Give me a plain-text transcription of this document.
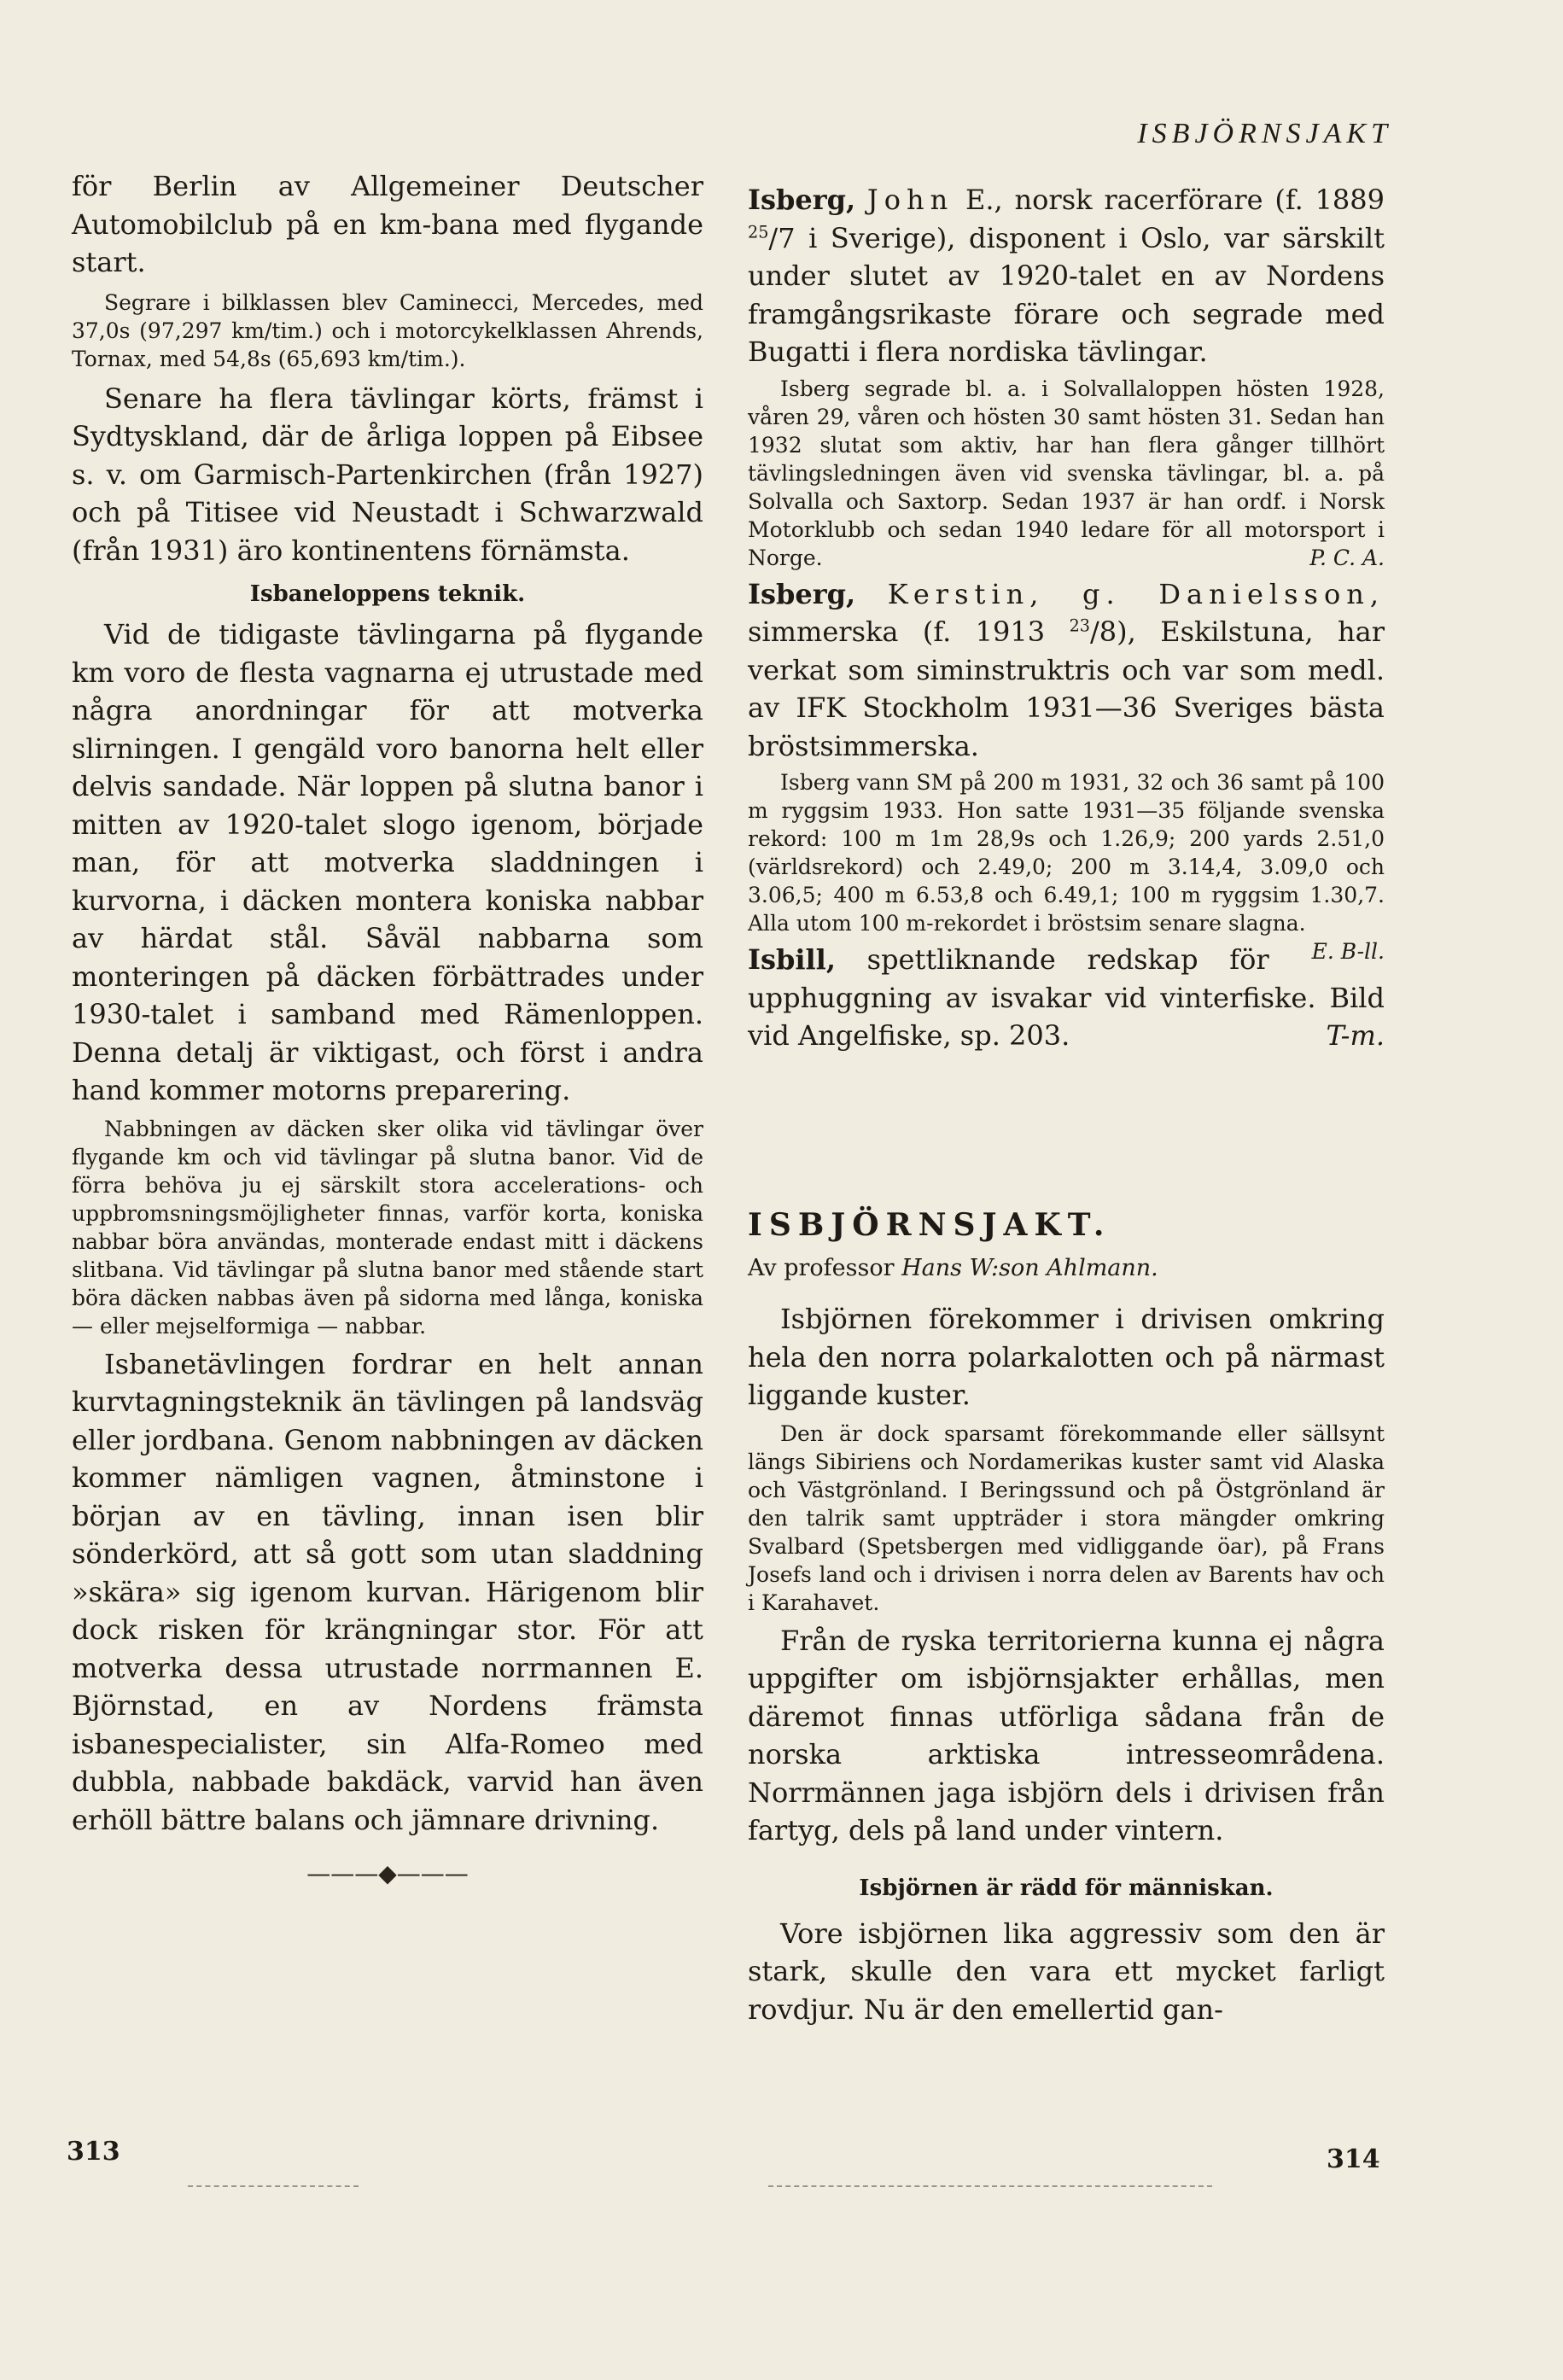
ISBJÖRNSJAKT

för Berlin av Allgemeiner Deutscher Automobilclub på en km-bana med flygande start.

Segrare i bilklassen blev Caminecci, Mercedes, med 37,0s (97,297 km/tim.) och i motorcykelklassen Ahrends, Tornax, med 54,8s (65,693 km/tim.).

Senare ha flera tävlingar körts, främst i Sydtyskland, där de årliga loppen på Eibsee s. v. om Garmisch-Partenkirchen (från 1927) och på Titisee vid Neustadt i Schwarzwald (från 1931) äro kontinentens förnämsta.

Isbaneloppens teknik.

Vid de tidigaste tävlingarna på flygande km voro de flesta vagnarna ej utrustade med några anordningar för att motverka slirningen. I gengäld voro banorna helt eller delvis sandade. När loppen på slutna banor i mitten av 1920-talet slogo igenom, började man, för att motverka sladdningen i kurvorna, i däcken montera koniska nabbar av härdat stål. Såväl nabbarna som monteringen på däcken förbättrades under 1930-talet i samband med Rämenloppen. Denna detalj är viktigast, och först i andra hand kommer motorns preparering.

Nabbningen av däcken sker olika vid tävlingar över flygande km och vid tävlingar på slutna banor. Vid de förra behöva ju ej särskilt stora accelerations- och uppbromsningsmöjligheter finnas, varför korta, koniska nabbar böra användas, monterade endast mitt i däckens slitbana. Vid tävlingar på slutna banor med stående start böra däcken nabbas även på sidorna med långa, koniska — eller mejselformiga — nabbar.

Isbanetävlingen fordrar en helt annan kurvtagningsteknik än tävlingen på landsväg eller jordbana. Genom nabbningen av däcken kommer nämligen vagnen, åtminstone i början av en tävling, innan isen blir sönderkörd, att så gott som utan sladdning »skära» sig igenom kurvan. Härigenom blir dock risken för krängningar stor. För att motverka dessa utrustade norrmannen E. Björnstad, en av Nordens främsta isbanespecialister, sin Alfa-Romeo med dubbla, nabbade bakdäck, varvid han även erhöll bättre balans och jämnare drivning.

———◆———
313

Isberg, John E., norsk racerförare (f. 1889 $^{25}$/7 i Sverige), disponent i Oslo, var särskilt under slutet av 1920-talet en av Nordens framgångsrikaste förare och segrade med Bugatti i flera nordiska tävlingar.

Isberg segrade bl. a. i Solvallaloppen hösten 1928, våren 29, våren och hösten 30 samt hösten 31. Sedan han 1932 slutat som aktiv, har han flera gånger tillhört tävlingsledningen även vid svenska tävlingar, bl. a. på Solvalla och Saxtorp. Sedan 1937 är han ordf. i Norsk Motorklubb och sedan 1940 ledare för all motorsport i Norge.	P. C. A.

Isberg, Kerstin, g. Danielsson, simmerska (f. 1913 $^{23}$/8), Eskilstuna, har verkat som siminstruktris och var som medl. av IFK Stockholm 1931—36 Sveriges bästa bröstsimmerska.

Isberg vann SM på 200 m 1931, 32 och 36 samt på 100 m ryggsim 1933. Hon satte 1931—35 följande svenska rekord: 100 m 1m 28,9s och 1.26,9; 200 yards 2.51,0 (världsrekord) och 2.49,0; 200 m 3.14,4, 3.09,0 och 3.06,5; 400 m 6.53,8 och 6.49,1; 100 m ryggsim 1.30,7. Alla utom 100 m-rekordet i bröstsim senare slagna.
E. B-ll.

Isbill, spettliknande redskap för upphuggning av isvakar vid vinterfiske. Bild vid Angelfiske, sp. 203.	T-m.

ISBJÖRNSJAKT.
Av professor Hans W:son Ahlmann.

Isbjörnen förekommer i drivisen omkring hela den norra polarkalotten och på närmast liggande kuster.

Den är dock sparsamt förekommande eller sällsynt längs Sibiriens och Nordamerikas kuster samt vid Alaska och Västgrönland. I Beringssund och på Östgrönland är den talrik samt uppträder i stora mängder omkring Svalbard (Spetsbergen med vidliggande öar), på Frans Josefs land och i drivisen i norra delen av Barents hav och i Karahavet.

Från de ryska territorierna kunna ej några uppgifter om isbjörnsjakter erhållas, men däremot finnas utförliga sådana från de norska arktiska intresseområdena. Norrmännen jaga isbjörn dels i drivisen från fartyg, dels på land under vintern.

Isbjörnen är rädd för människan.

Vore isbjörnen lika aggressiv som den är stark, skulle den vara ett mycket farligt rovdjur. Nu är den emellertid gan-

314
